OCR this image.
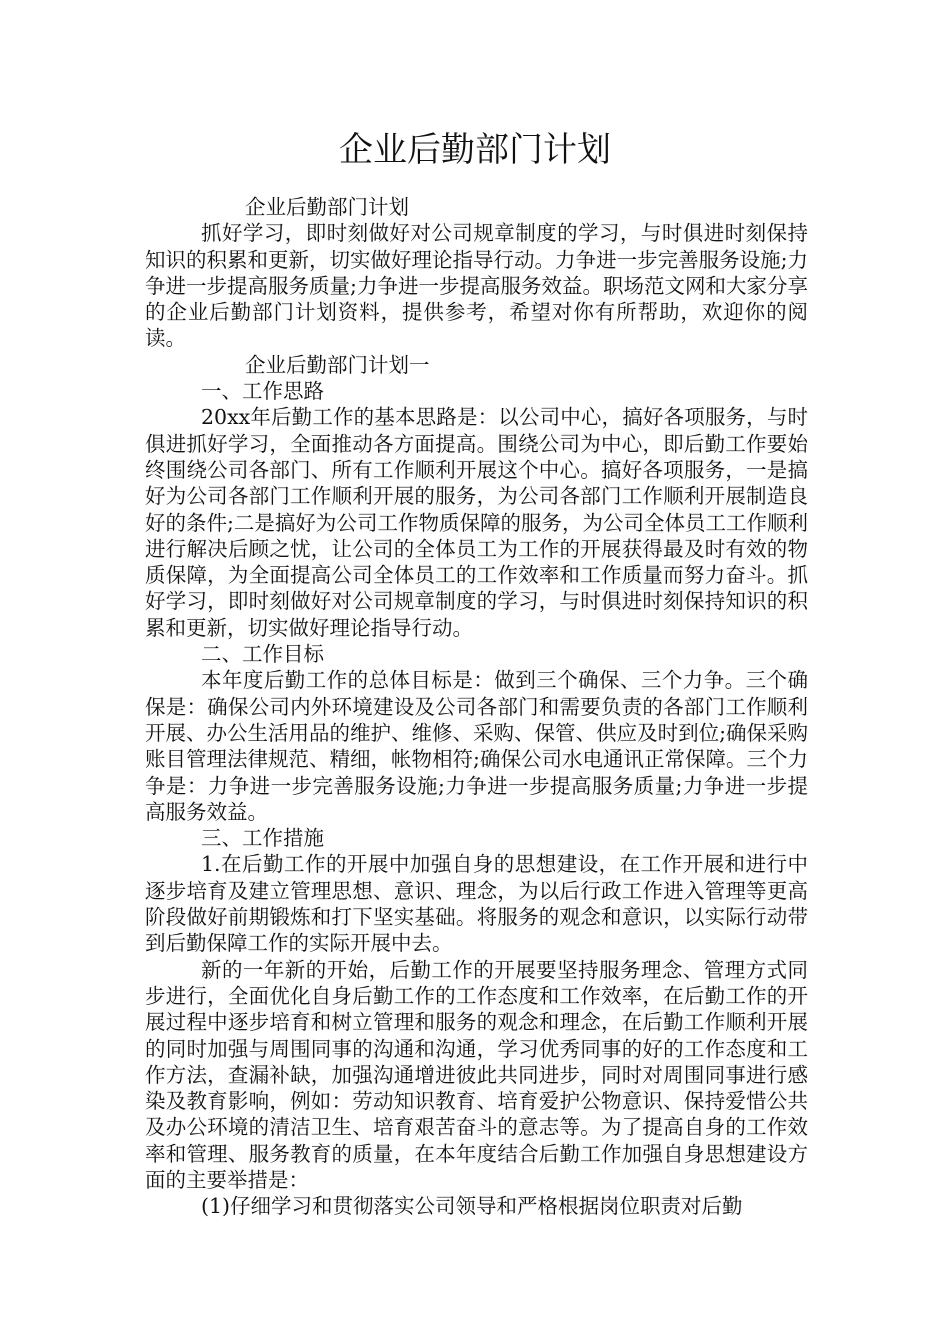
企业后勤部门计划

企业后勤部门计划

抓好学习，即时刻做好对公司规章制度的学习，与时俱进时刻保持知识的积累和更新，切实做好理论指导行动。力争进一步完善服务设施;力争进一步提高服务质量;力争进一步提高服务效益。职场范文网和大家分享的企业后勤部门计划资料，提供参考，希望对你有所帮助，欢迎你的阅读。

企业后勤部门计划一

一、工作思路

20xx年后勤工作的基本思路是：以公司中心，搞好各项服务，与时俱进抓好学习，全面推动各方面提高。围绕公司为中心，即后勤工作要始终围绕公司各部门、所有工作顺利开展这个中心。搞好各项服务，一是搞好为公司各部门工作顺利开展的服务，为公司各部门工作顺利开展制造良好的条件;二是搞好为公司工作物质保障的服务，为公司全体员工工作顺利进行解决后顾之忧，让公司的全体员工为工作的开展获得最及时有效的物质保障，为全面提高公司全体员工的工作效率和工作质量而努力奋斗。抓好学习，即时刻做好对公司规章制度的学习，与时俱进时刻保持知识的积累和更新，切实做好理论指导行动。

二、工作目标

本年度后勤工作的总体目标是：做到三个确保、三个力争。三个确保是：确保公司内外环境建设及公司各部门和需要负责的各部门工作顺利开展、办公生活用品的维护、维修、采购、保管、供应及时到位;确保采购账目管理法律规范、精细，帐物相符;确保公司水电通讯正常保障。三个力争是：力争进一步完善服务设施;力争进一步提高服务质量;力争进一步提高服务效益。

三、工作措施

1.在后勤工作的开展中加强自身的思想建设，在工作开展和进行中逐步培育及建立管理思想、意识、理念，为以后行政工作进入管理等更高阶段做好前期锻炼和打下坚实基础。将服务的观念和意识，以实际行动带到后勤保障工作的实际开展中去。

新的一年新的开始，后勤工作的开展要坚持服务理念、管理方式同步进行，全面优化自身后勤工作的工作态度和工作效率，在后勤工作的开展过程中逐步培育和树立管理和服务的观念和理念，在后勤工作顺利开展的同时加强与周围同事的沟通和沟通，学习优秀同事的好的工作态度和工作方法，查漏补缺，加强沟通增进彼此共同进步，同时对周围同事进行感染及教育影响，例如：劳动知识教育、培育爱护公物意识、保持爱惜公共及办公环境的清洁卫生、培育艰苦奋斗的意志等。为了提高自身的工作效率和管理、服务教育的质量，在本年度结合后勤工作加强自身思想建设方面的主要举措是：

(1)仔细学习和贯彻落实公司领导和严格根据岗位职责对后勤
